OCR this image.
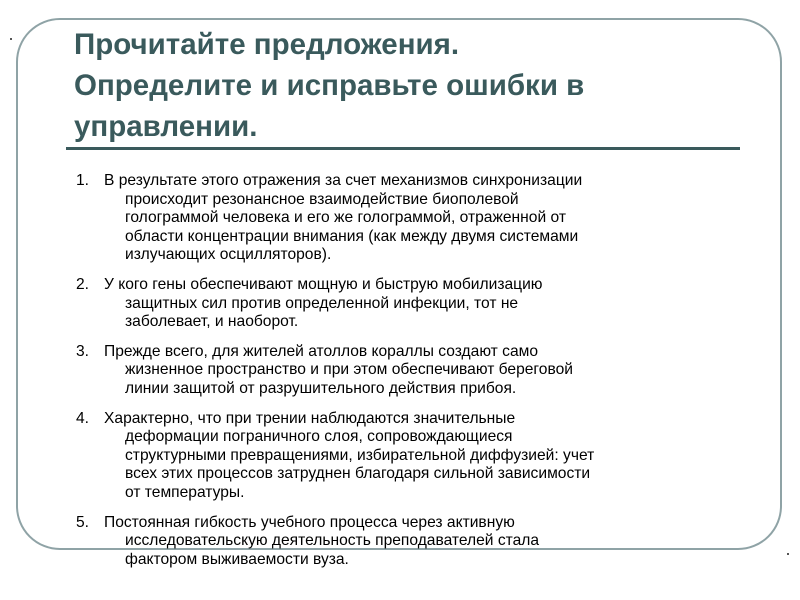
Прочитайте предложения.
Определите и исправьте ошибки в
управлении.
1. В результате этого отражения за счет механизмов синхронизации
происходит резонансное взаимодействие биополевой
голограммой человека и его же голограммой, отраженной от
области концентрации внимания (как между двумя системами
излучающих осцилляторов).
2. У кого гены обеспечивают мощную и быструю мобилизацию
защитных сил против определенной инфекции, тот не
заболевает, и наоборот.
3. Прежде всего, для жителей атоллов кораллы создают само
жизненное пространство и при этом обеспечивают береговой
линии защитой от разрушительного действия прибоя.
4. Характерно, что при трении наблюдаются значительные
деформации пограничного слоя, сопровождающиеся
структурными превращениями, избирательной диффузией: учет
всех этих процессов затруднен благодаря сильной зависимости
от температуры.
5. Постоянная гибкость учебного процесса через активную
исследовательскую деятельность преподавателей стала
фактором выживаемости вуза.
